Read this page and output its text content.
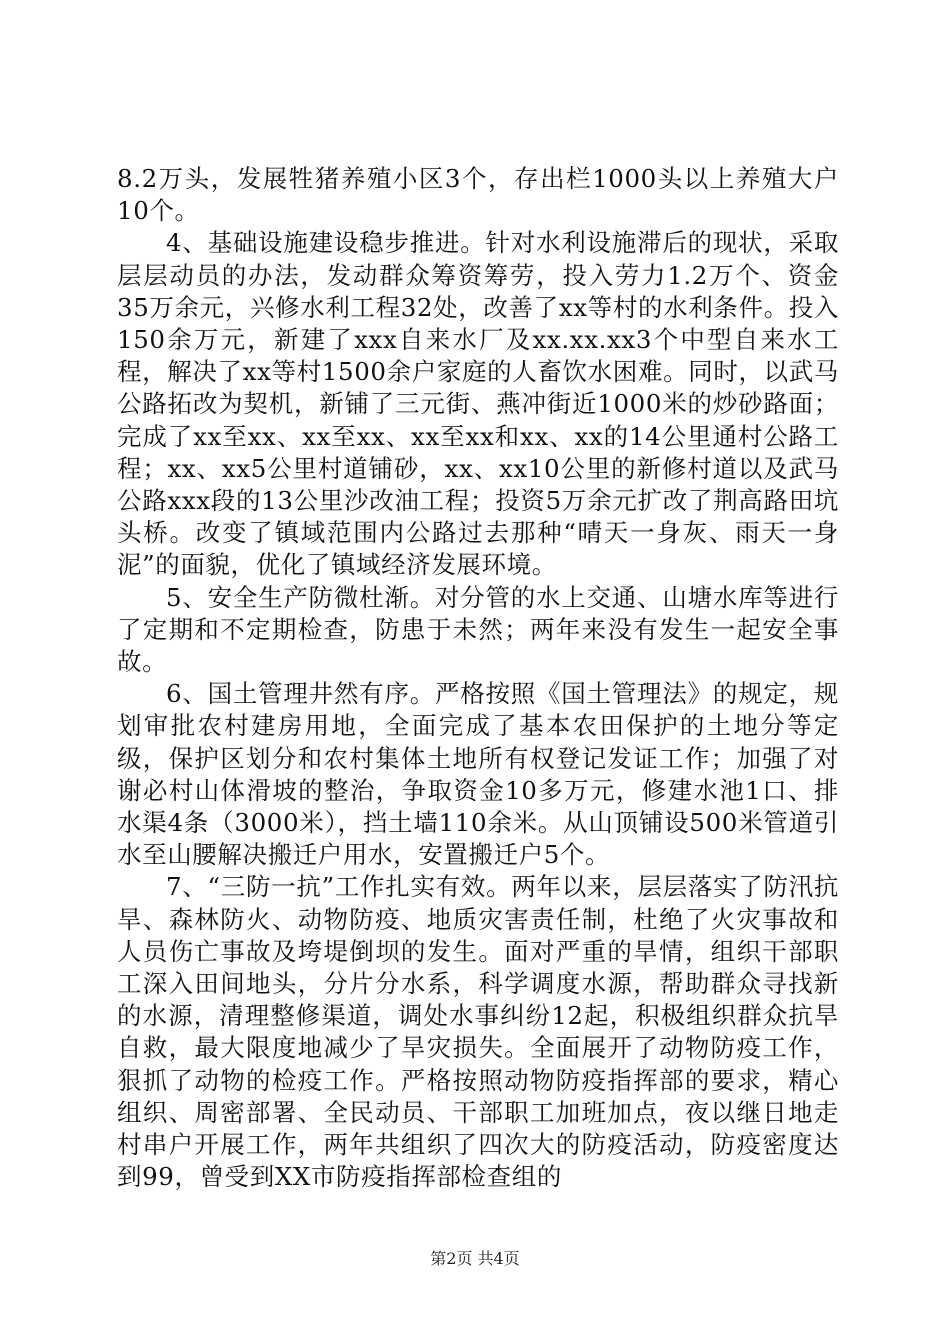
8.2万头，发展牲猪养殖小区3个，存出栏1000头以上养殖大户10个。

4、基础设施建设稳步推进。针对水利设施滞后的现状，采取层层动员的办法，发动群众筹资筹劳，投入劳力1.2万个、资金35万余元，兴修水利工程32处，改善了xx等村的水利条件。投入150余万元，新建了xxx自来水厂及xx.xx.xx3个中型自来水工程，解决了xx等村1500余户家庭的人畜饮水困难。同时，以武马公路拓改为契机，新铺了三元街、燕冲街近1000米的炒砂路面；完成了xx至xx、xx至xx、xx至xx和xx、xx的14公里通村公路工程；xx、xx5公里村道铺砂，xx、xx10公里的新修村道以及武马公路xxx段的13公里沙改油工程；投资5万余元扩改了荆高路田坑头桥。改变了镇域范围内公路过去那种“晴天一身灰、雨天一身泥”的面貌，优化了镇域经济发展环境。

5、安全生产防微杜渐。对分管的水上交通、山塘水库等进行了定期和不定期检查，防患于未然；两年来没有发生一起安全事故。

6、国土管理井然有序。严格按照《国土管理法》的规定，规划审批农村建房用地，全面完成了基本农田保护的土地分等定级，保护区划分和农村集体土地所有权登记发证工作；加强了对谢必村山体滑坡的整治，争取资金10多万元，修建水池1口、排水渠4条（3000米），挡土墙110余米。从山顶铺设500米管道引水至山腰解决搬迁户用水，安置搬迁户5个。

7、“三防一抗”工作扎实有效。两年以来，层层落实了防汛抗旱、森林防火、动物防疫、地质灾害责任制，杜绝了火灾事故和人员伤亡事故及垮堤倒坝的发生。面对严重的旱情，组织干部职工深入田间地头，分片分水系，科学调度水源，帮助群众寻找新的水源，清理整修渠道，调处水事纠纷12起，积极组织群众抗旱自救，最大限度地减少了旱灾损失。全面展开了动物防疫工作，狠抓了动物的检疫工作。严格按照动物防疫指挥部的要求，精心组织、周密部署、全民动员、干部职工加班加点，夜以继日地走村串户开展工作，两年共组织了四次大的防疫活动，防疫密度达到99，曾受到XX市防疫指挥部检查组的

第2页 共4页
